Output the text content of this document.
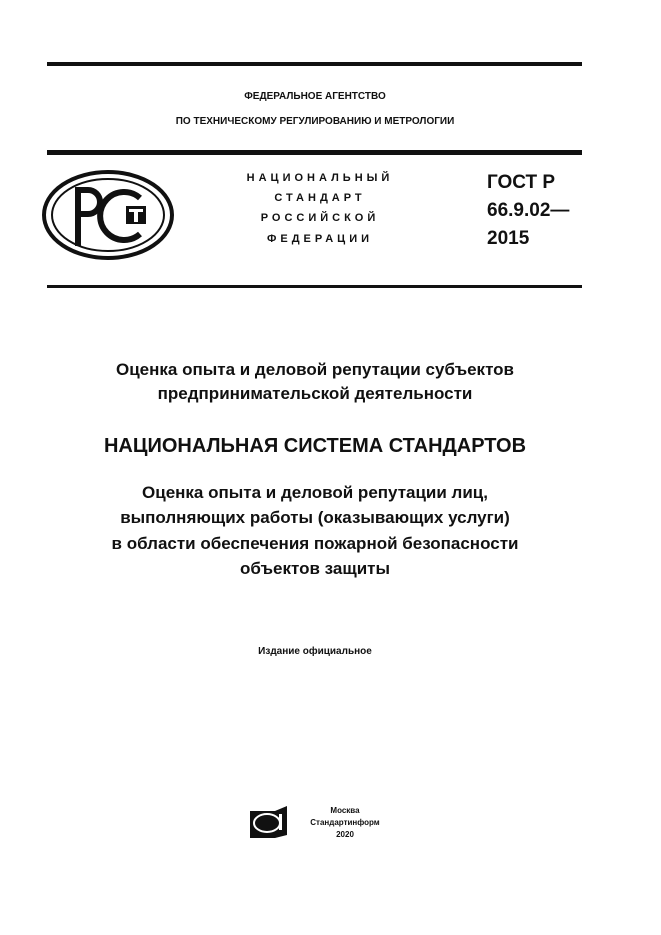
ФЕДЕРАЛЬНОЕ АГЕНТСТВО
ПО ТЕХНИЧЕСКОМУ РЕГУЛИРОВАНИЮ И МЕТРОЛОГИИ
НАЦИОНАЛЬНЫЙ
СТАНДАРТ
РОССИЙСКОЙ
ФЕДЕРАЦИИ
ГОСТ Р
66.9.02—
2015
Оценка опыта и деловой репутации субъектов
предпринимательской деятельности
НАЦИОНАЛЬНАЯ СИСТЕМА СТАНДАРТОВ
Оценка опыта и деловой репутации лиц,
выполняющих работы (оказывающих услуги)
в области обеспечения пожарной безопасности
объектов защиты
Издание официальное
Москва
Стандартинформ
2020
